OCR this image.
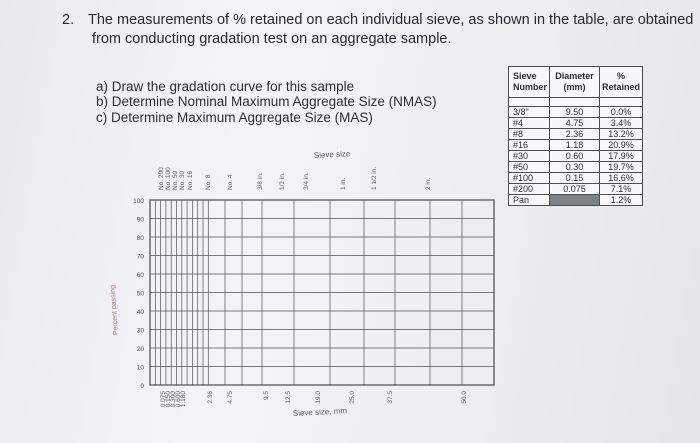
2. The measurements of % retained on each individual sieve, as shown in the table, are obtained
from conducting gradation test on an aggregate sample.
a) Draw the gradation curve for this sample
b) Determine Nominal Maximum Aggregate Size (NMAS)
c) Determine Maximum Aggregate Size (MAS)
100
90
80
70
60
50
40
30
20
10
0
No. 200 No. 100 No. 50 No. 30 No. 16 No. 8 No. 4	3/8 in. 1/2 in.	3/4 in.	1 in.	1 1/2 in.	2 in.
0.075
0.150
0.300
0.600
1.180	2.36 4.75	9.5 12.5	19.0	25.0	37.5	50.0
Sieve size
Sieve size, mm
Percent passing
Sieve Number	Diameter (mm)	% Retained

3/8"	9.50	0.0%
#4	4.75	3.4%
#8	2.36	13.2%
#16	1.18	20.9%
#30	0.60	17.9%
#50	0.30	19.7%
#100	0.15	16.6%
#200	0.075	7.1%
Pan		1.2%
